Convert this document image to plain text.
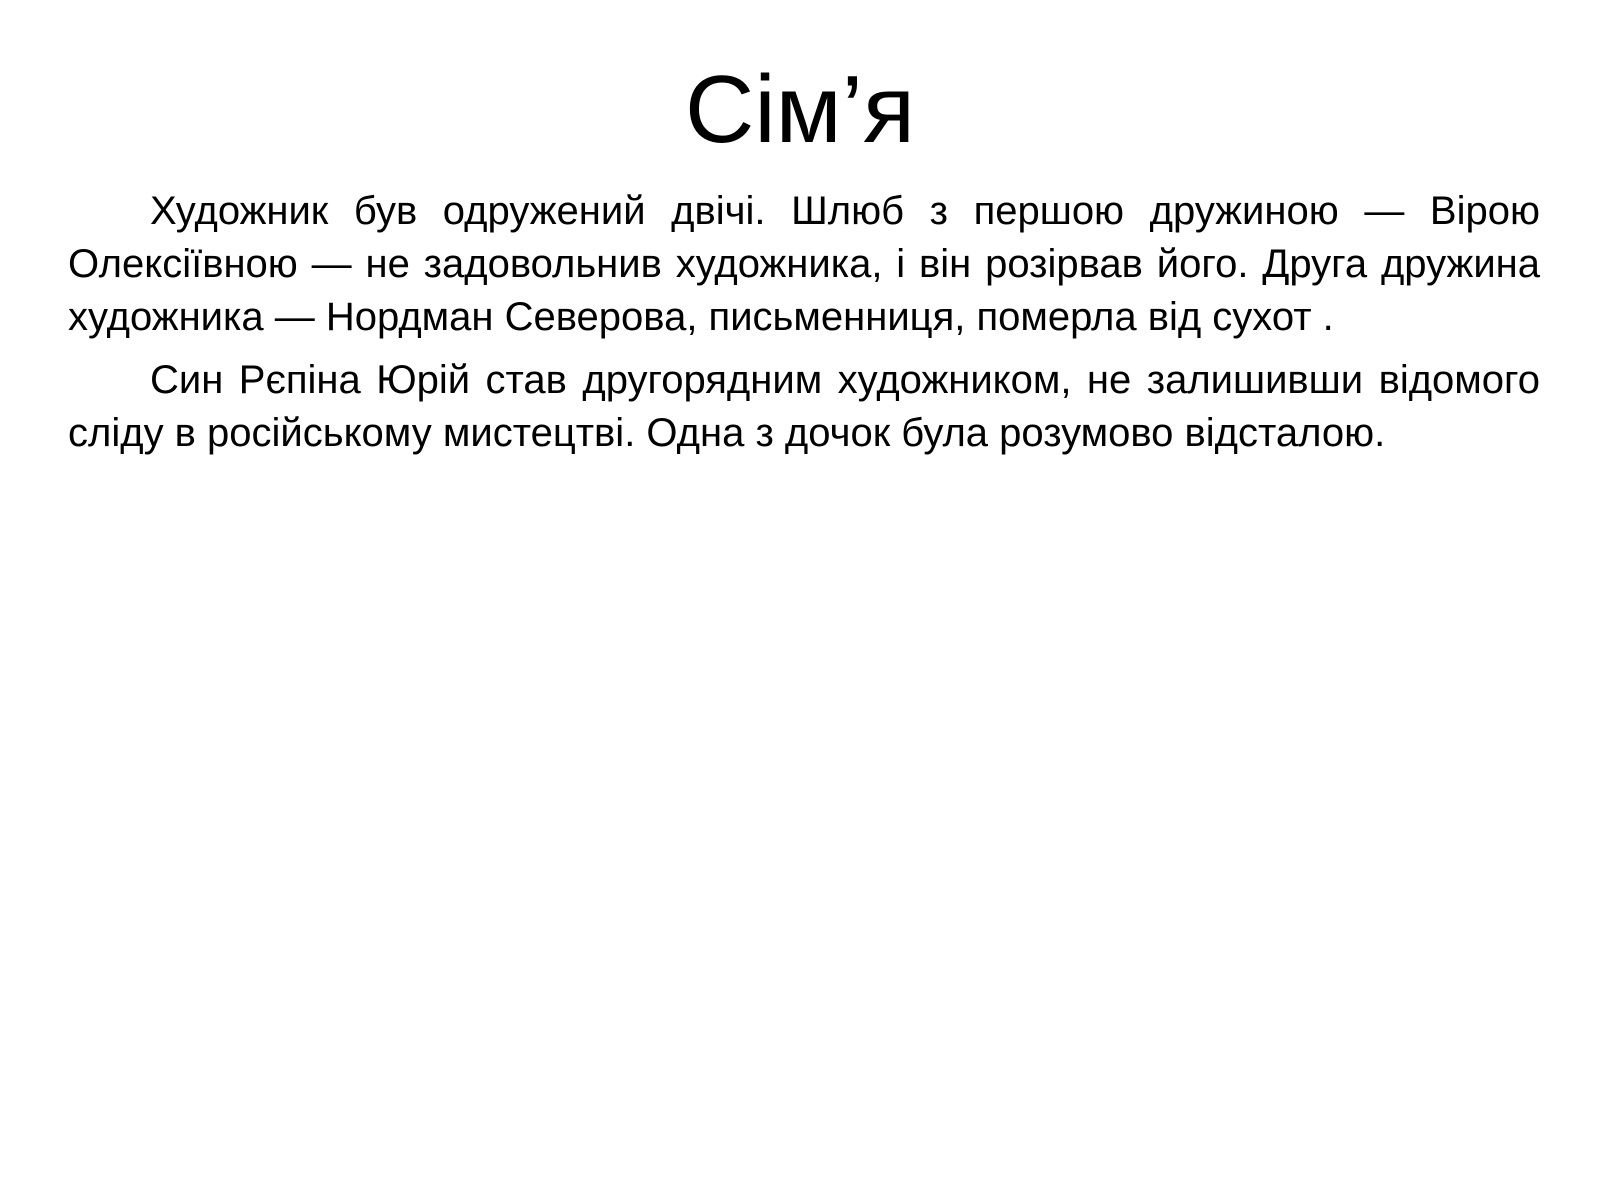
Сім’я

Художник був одружений двічі. Шлюб з першою дружиною — Вірою Олексіївною — не задовольнив художника, і він розірвав його. Друга дружина художника — Нордман Северова, письменниця, померла від сухот .

Син Рєпіна Юрій став другорядним художником, не залишивши відомого сліду в російському мистецтві. Одна з дочок була розумово відсталою.
